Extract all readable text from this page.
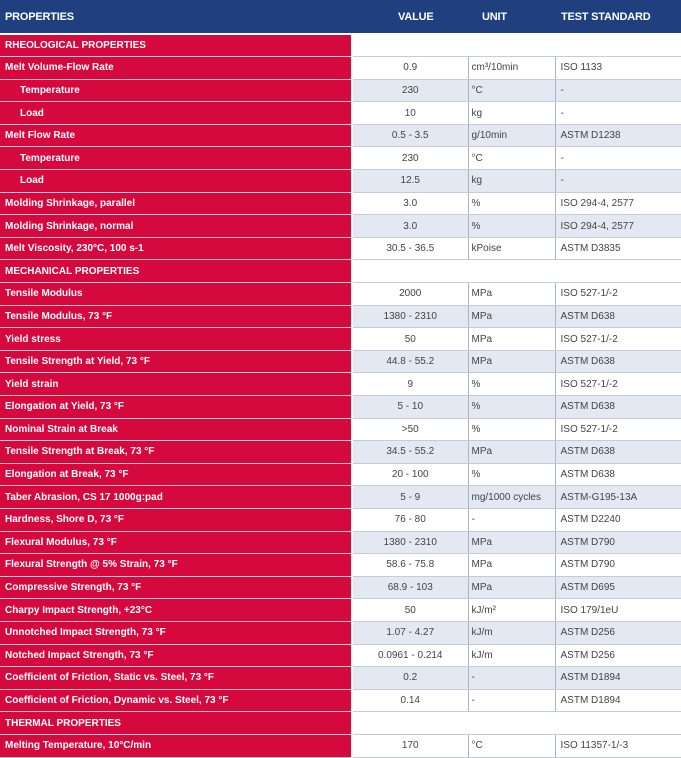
PROPERTIES	VALUE	UNIT	TEST STANDARD
RHEOLOGICAL PROPERTIES			
Melt Volume-Flow Rate	0.9	cm³/10min	ISO 1133
Temperature	230	°C	-
Load	10	kg	-
Melt Flow Rate	0.5 - 3.5	g/10min	ASTM D1238
Temperature	230	°C	-
Load	12.5	kg	-
Molding Shrinkage, parallel	3.0	%	ISO 294-4, 2577
Molding Shrinkage, normal	3.0	%	ISO 294-4, 2577
Melt Viscosity, 230°C, 100 s-1	30.5 - 36.5	kPoise	ASTM D3835
MECHANICAL PROPERTIES			
Tensile Modulus	2000	MPa	ISO 527-1/-2
Tensile Modulus, 73 °F	1380 - 2310	MPa	ASTM D638
Yield stress	50	MPa	ISO 527-1/-2
Tensile Strength at Yield, 73 °F	44.8 - 55.2	MPa	ASTM D638
Yield strain	9	%	ISO 527-1/-2
Elongation at Yield, 73 °F	5 - 10	%	ASTM D638
Nominal Strain at Break	>50	%	ISO 527-1/-2
Tensile Strength at Break, 73 °F	34.5 - 55.2	MPa	ASTM D638
Elongation at Break, 73 °F	20 - 100	%	ASTM D638
Taber Abrasion, CS 17 1000g:pad	5 - 9	mg/1000 cycles	ASTM-G195-13A
Hardness, Shore D, 73 °F	76 - 80	-	ASTM D2240
Flexural Modulus, 73 °F	1380 - 2310	MPa	ASTM D790
Flexural Strength @ 5% Strain, 73 °F	58.6 - 75.8	MPa	ASTM D790
Compressive Strength, 73 °F	68.9 - 103	MPa	ASTM D695
Charpy Impact Strength, +23°C	50	kJ/m²	ISO 179/1eU
Unnotched Impact Strength, 73 °F	1.07 - 4.27	kJ/m	ASTM D256
Notched Impact Strength, 73 °F	0.0961 - 0.214	kJ/m	ASTM D256
Coefficient of Friction, Static vs. Steel, 73 °F	0.2	-	ASTM D1894
Coefficient of Friction, Dynamic vs. Steel, 73 °F	0.14	-	ASTM D1894
THERMAL PROPERTIES			
Melting Temperature, 10°C/min	170	°C	ISO 11357-1/-3
